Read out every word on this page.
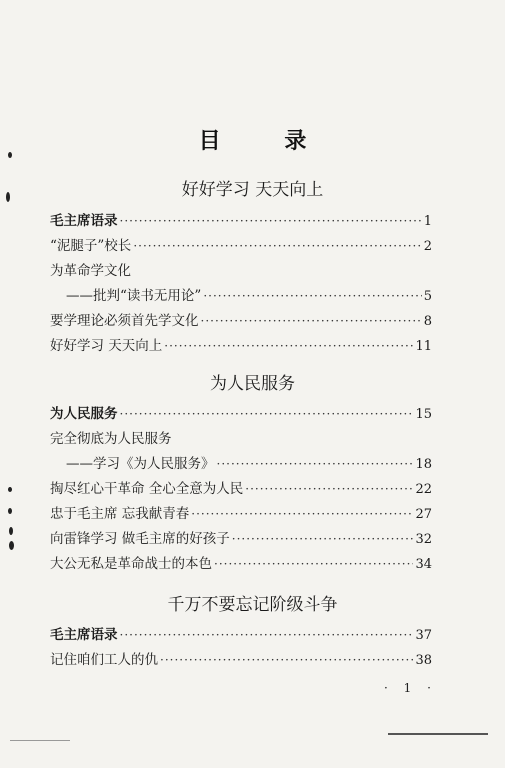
目 录
好好学习 天天向上
毛主席语录 ·····	1
“泥腿子”校长 ·····	2
为革命学文化
——批判“读书无用论” ·····	5
要学理论必须首先学文化 ·····	8
好好学习 天天向上 ·····	11
为人民服务
为人民服务 ·····	15
完全彻底为人民服务
——学习《为人民服务》 ·····	18
掏尽红心干革命 全心全意为人民 ·····	22
忠于毛主席 忘我献青春 ·····	27
向雷锋学习 做毛主席的好孩子 ·····	32
大公无私是革命战士的本色 ·····	34
千万不要忘记阶级斗争
毛主席语录 ·····	37
记住咱们工人的仇 ·····	38
· 1 ·
